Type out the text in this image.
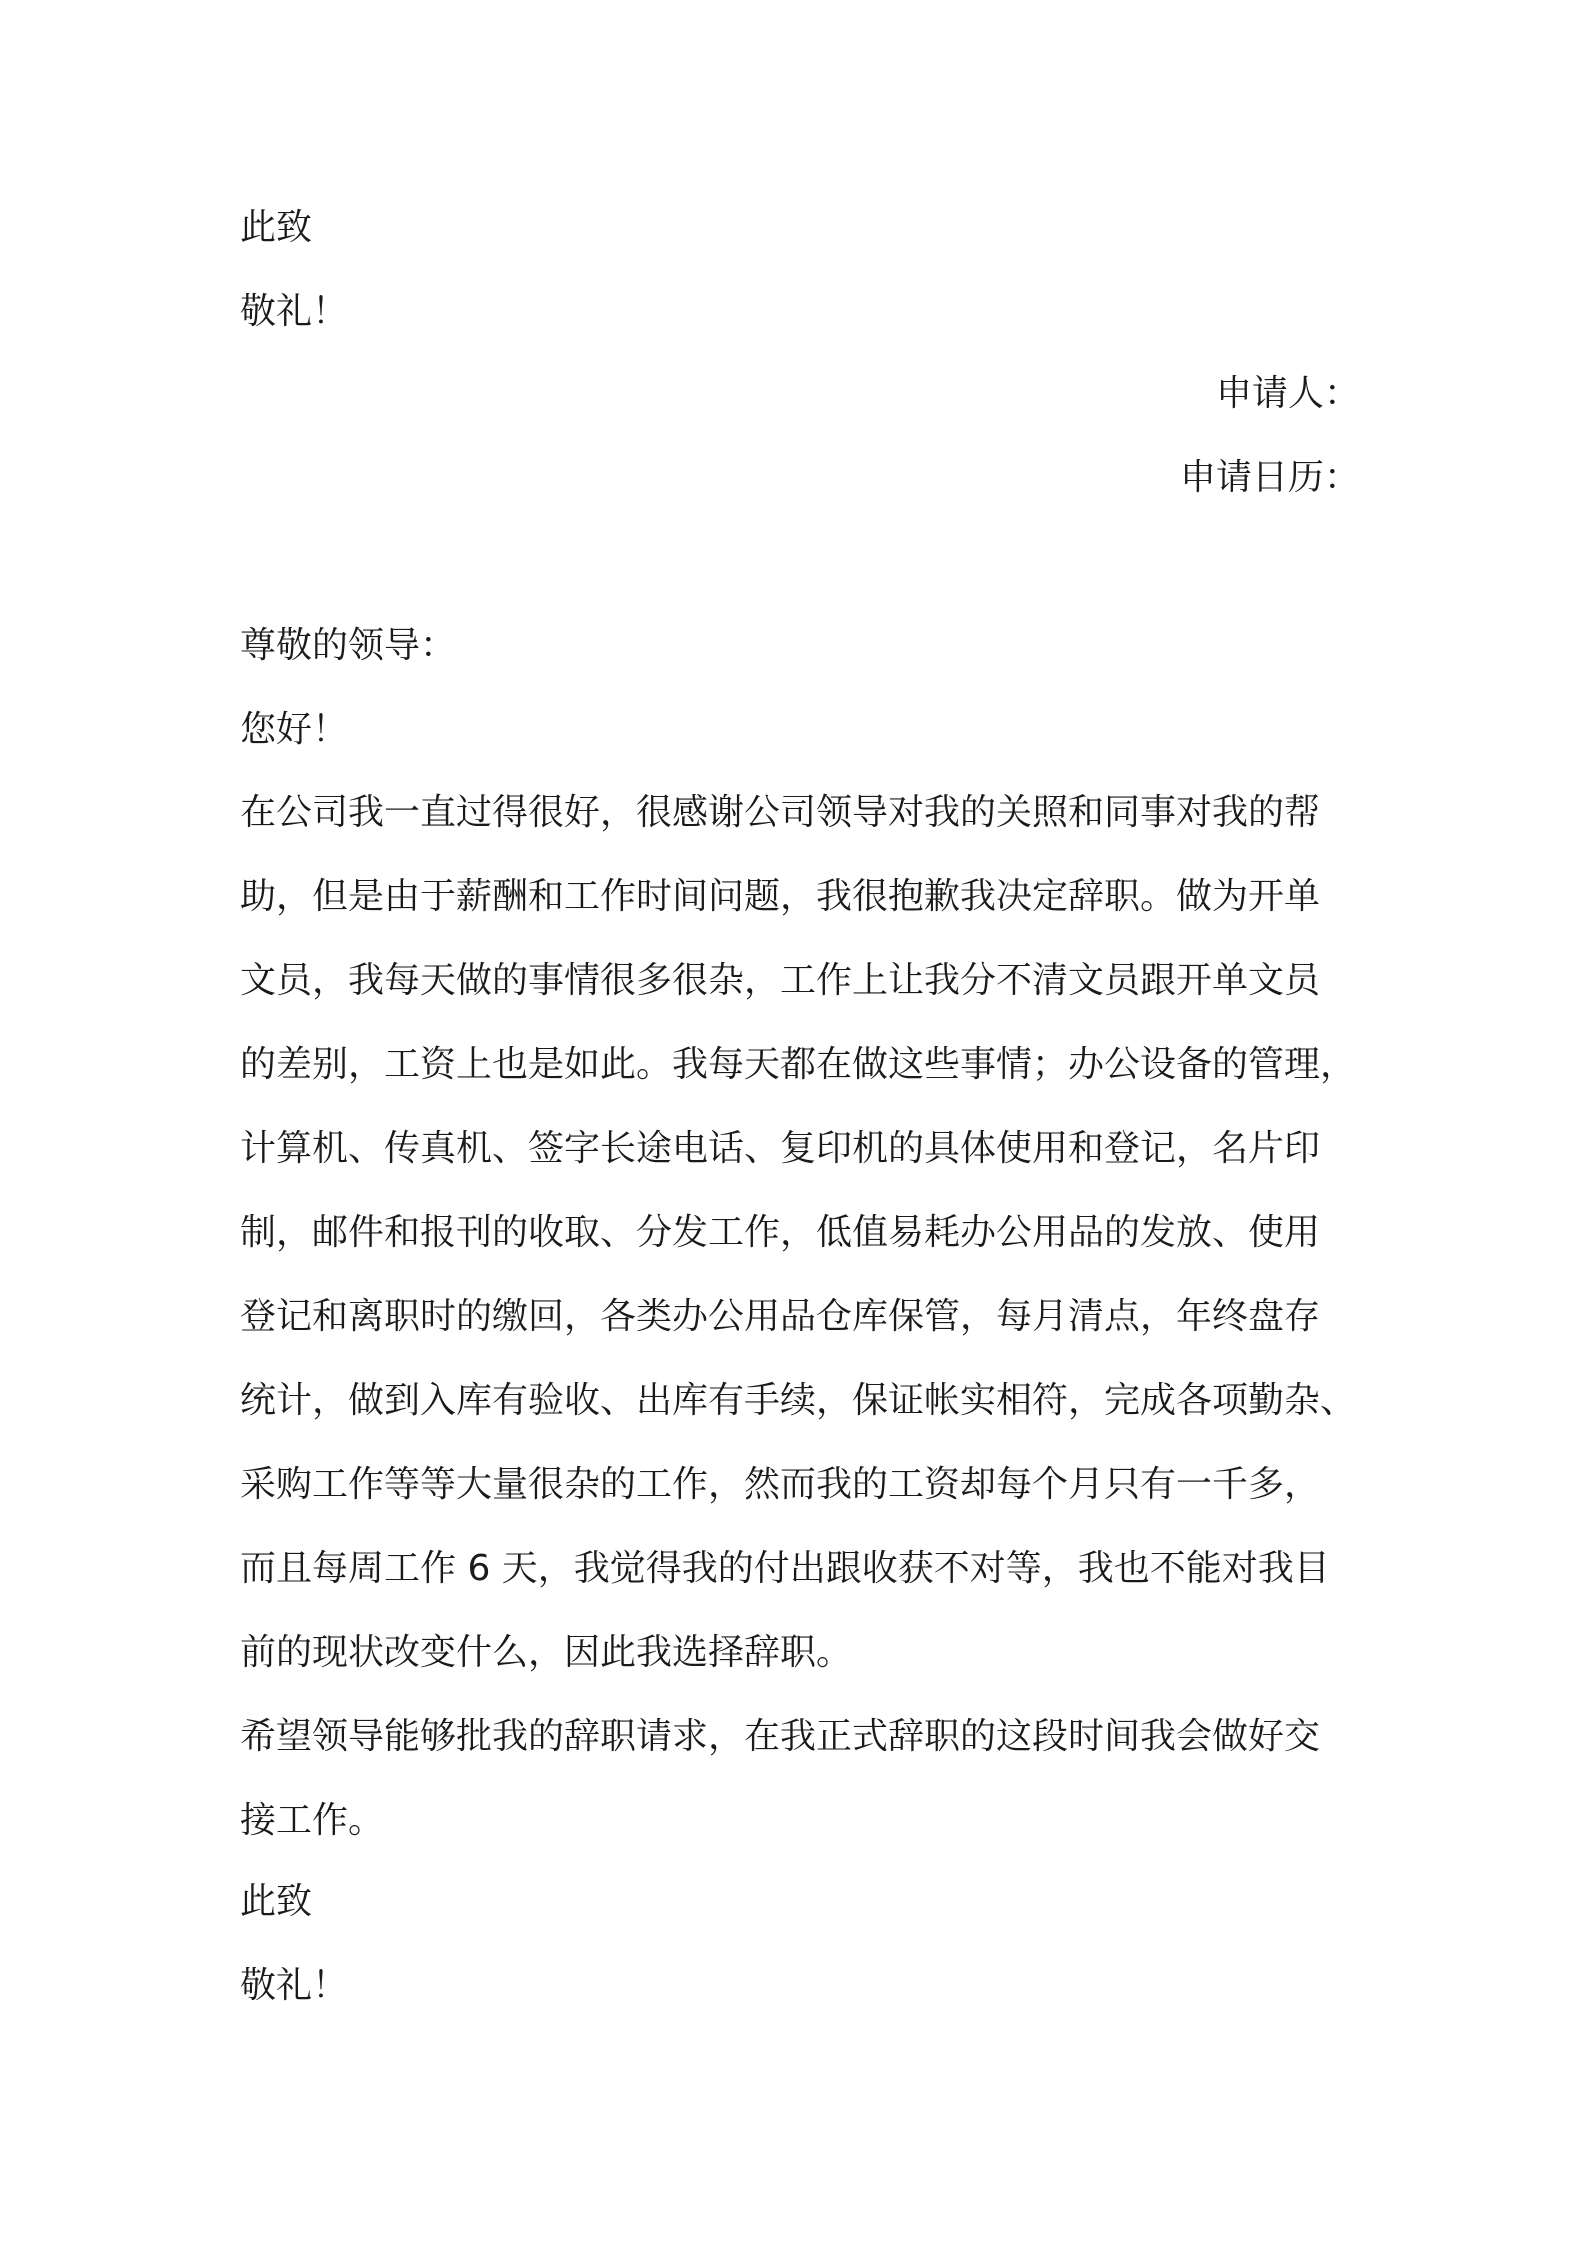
此致
敬礼！
申请人：
申请日历：
尊敬的领导：
您好！
在公司我一直过得很好，很感谢公司领导对我的关照和同事对我的帮
助，但是由于薪酬和工作时间问题，我很抱歉我决定辞职。做为开单
文员，我每天做的事情很多很杂，工作上让我分不清文员跟开单文员
的差别，工资上也是如此。我每天都在做这些事情；办公设备的管理，
计算机、传真机、签字长途电话、复印机的具体使用和登记，名片印
制，邮件和报刊的收取、分发工作，低值易耗办公用品的发放、使用
登记和离职时的缴回，各类办公用品仓库保管，每月清点，年终盘存
统计，做到入库有验收、出库有手续，保证帐实相符，完成各项勤杂、
采购工作等等大量很杂的工作，然而我的工资却每个月只有一千多，
而且每周工作 6 天，我觉得我的付出跟收获不对等，我也不能对我目
前的现状改变什么，因此我选择辞职。
希望领导能够批我的辞职请求，在我正式辞职的这段时间我会做好交
接工作。
此致
敬礼！
